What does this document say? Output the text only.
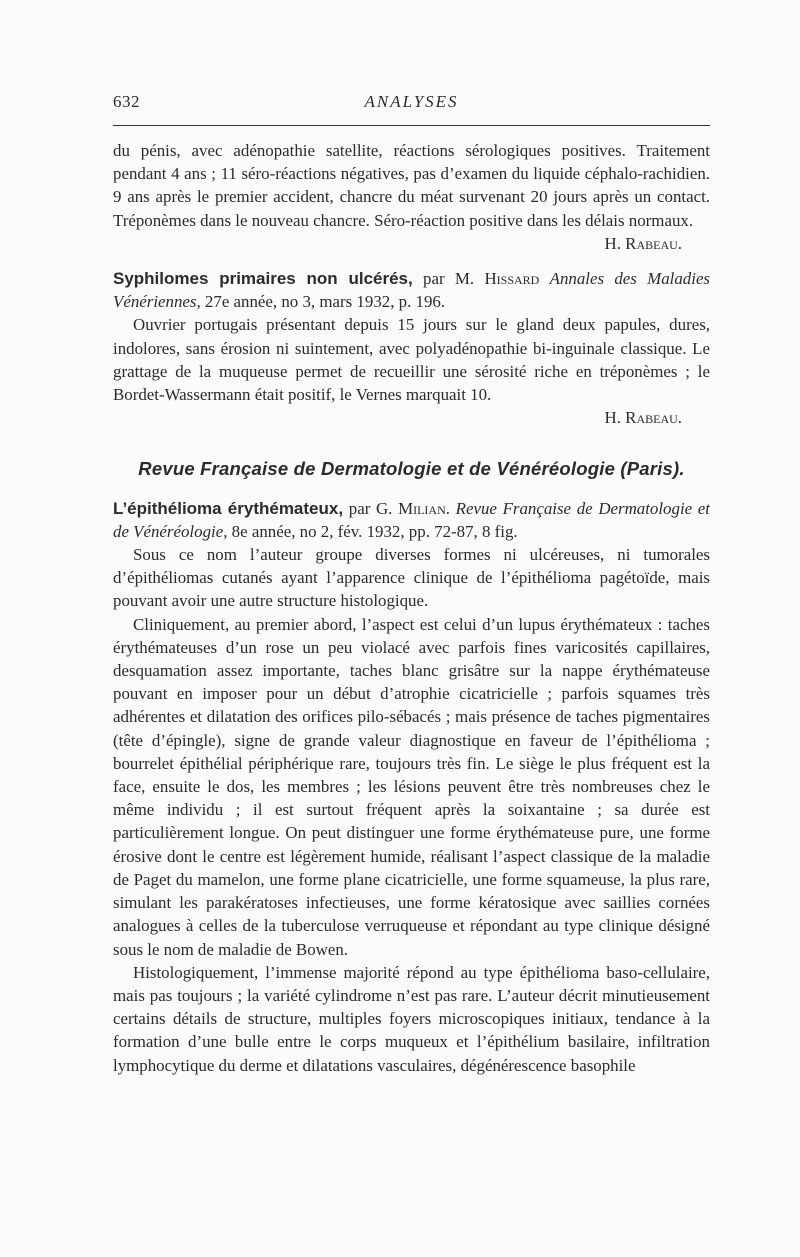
632	ANALYSES

du pénis, avec adénopathie satellite, réactions sérologiques positives. Traitement pendant 4 ans ; 11 séro-réactions négatives, pas d’examen du liquide céphalo-rachidien. 9 ans après le premier accident, chancre du méat survenant 20 jours après un contact. Tréponèmes dans le nouveau chancre. Séro-réaction positive dans les délais normaux.
H. Rabeau.

Syphilomes primaires non ulcérés, par M. Hissard Annales des Maladies Vénériennes, 27e année, no 3, mars 1932, p. 196.

Ouvrier portugais présentant depuis 15 jours sur le gland deux papules, dures, indolores, sans érosion ni suintement, avec polyadénopathie bi-inguinale classique. Le grattage de la muqueuse permet de recueillir une sérosité riche en tréponèmes ; le Bordet-Wassermann était positif, le Vernes marquait 10.
H. Rabeau.

Revue Française de Dermatologie et de Vénéréologie (Paris).

L’épithélioma érythémateux, par G. Milian. Revue Française de Dermatologie et de Vénéréologie, 8e année, no 2, fév. 1932, pp. 72-87, 8 fig.

Sous ce nom l’auteur groupe diverses formes ni ulcéreuses, ni tumorales d’épithéliomas cutanés ayant l’apparence clinique de l’épithélioma pagétoïde, mais pouvant avoir une autre structure histologique.

Cliniquement, au premier abord, l’aspect est celui d’un lupus érythémateux : taches érythémateuses d’un rose un peu violacé avec parfois fines varicosités capillaires, desquamation assez importante, taches blanc grisâtre sur la nappe érythémateuse pouvant en imposer pour un début d’atrophie cicatricielle ; parfois squames très adhérentes et dilatation des orifices pilo-sébacés ; mais présence de taches pigmentaires (tête d’épingle), signe de grande valeur diagnostique en faveur de l’épithélioma ; bourrelet épithélial périphérique rare, toujours très fin. Le siège le plus fréquent est la face, ensuite le dos, les membres ; les lésions peuvent être très nombreuses chez le même individu ; il est surtout fréquent après la soixantaine ; sa durée est particulièrement longue. On peut distinguer une forme érythémateuse pure, une forme érosive dont le centre est légèrement humide, réalisant l’aspect classique de la maladie de Paget du mamelon, une forme plane cicatricielle, une forme squameuse, la plus rare, simulant les parakératoses infectieuses, une forme kératosique avec saillies cornées analogues à celles de la tuberculose verruqueuse et répondant au type clinique désigné sous le nom de maladie de Bowen.

Histologiquement, l’immense majorité répond au type épithélioma baso-cellulaire, mais pas toujours ; la variété cylindrome n’est pas rare. L’auteur décrit minutieusement certains détails de structure, multiples foyers microscopiques initiaux, tendance à la formation d’une bulle entre le corps muqueux et l’épithélium basilaire, infiltration lymphocytique du derme et dilatations vasculaires, dégénérescence basophile
